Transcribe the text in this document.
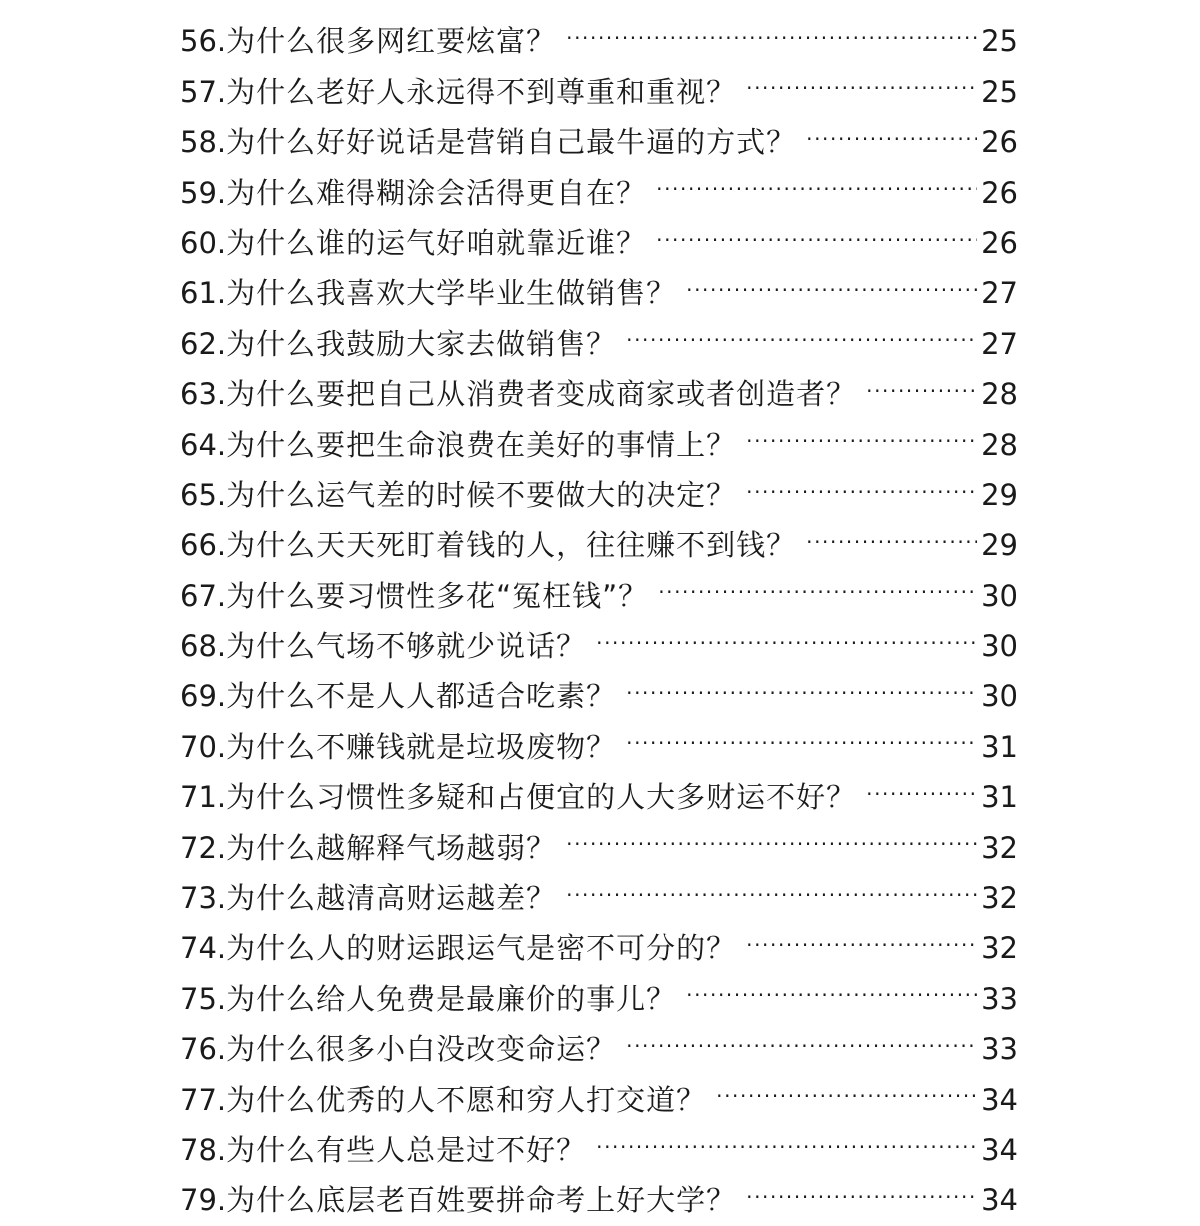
56. 为什么很多网红要炫富？ .....	25
57. 为什么老好人永远得不到尊重和重视？ .....	25
58. 为什么好好说话是营销自己最牛逼的方式？ .....	26
59. 为什么难得糊涂会活得更自在？ .....	26
60. 为什么谁的运气好咱就靠近谁？ .....	26
61. 为什么我喜欢大学毕业生做销售？ .....	27
62. 为什么我鼓励大家去做销售？ .....	27
63. 为什么要把自己从消费者变成商家或者创造者？ .....	28
64. 为什么要把生命浪费在美好的事情上？ .....	28
65. 为什么运气差的时候不要做大的决定？ .....	29
66. 为什么天天死盯着钱的人，往往赚不到钱？ .....	29
67. 为什么要习惯性多花“冤枉钱”？ .....	30
68. 为什么气场不够就少说话？ .....	30
69. 为什么不是人人都适合吃素？ .....	30
70. 为什么不赚钱就是垃圾废物？ .....	31
71. 为什么习惯性多疑和占便宜的人大多财运不好？ .....	31
72. 为什么越解释气场越弱？ .....	32
73. 为什么越清高财运越差？ .....	32
74. 为什么人的财运跟运气是密不可分的？ .....	32
75. 为什么给人免费是最廉价的事儿？ .....	33
76. 为什么很多小白没改变命运？ .....	33
77. 为什么优秀的人不愿和穷人打交道？ .....	34
78. 为什么有些人总是过不好？ .....	34
79. 为什么底层老百姓要拼命考上好大学？ .....	34
